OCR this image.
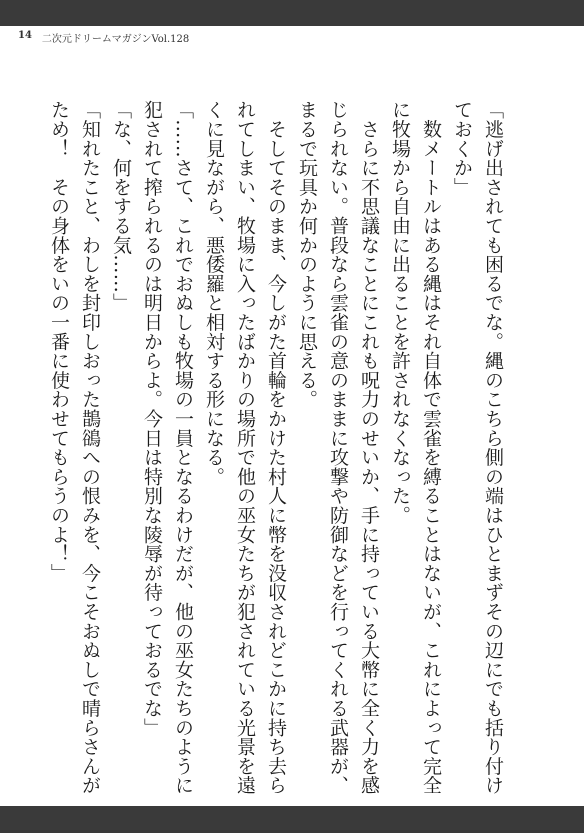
14 二次元ドリームマガジンVol.128

「逃げ出されても困るでな。縄のこちら側の端はひとまずその辺にでも括り付け

ておくか」

　数メートルはある縄はそれ自体で雲雀を縛ることはないが、これによって完全

に牧場から自由に出ることを許されなくなった。

　さらに不思議なことにこれも呪力のせいか、手に持っている大幣に全く力を感

じられない。普段なら雲雀の意のままに攻撃や防御などを行ってくれる武器が、

まるで玩具か何かのように思える。

　そしてそのまま、今しがた首輪をかけた村人に幣を没収されどこかに持ち去ら

れてしまい、牧場に入ったばかりの場所で他の巫女たちが犯されている光景を遠

くに見ながら、悪倭羅と相対する形になる。

「……さて、これでおぬしも牧場の一員となるわけだが、他の巫女たちのように

犯されて搾られるのは明日からよ。今日は特別な陵辱が待っておるでな」

「な、何をする気……」

「知れたこと、わしを封印しおった鵲鵒への恨みを、今こそおぬしで晴らさんが

ため！　その身体をいの一番に使わせてもらうのよ！」
